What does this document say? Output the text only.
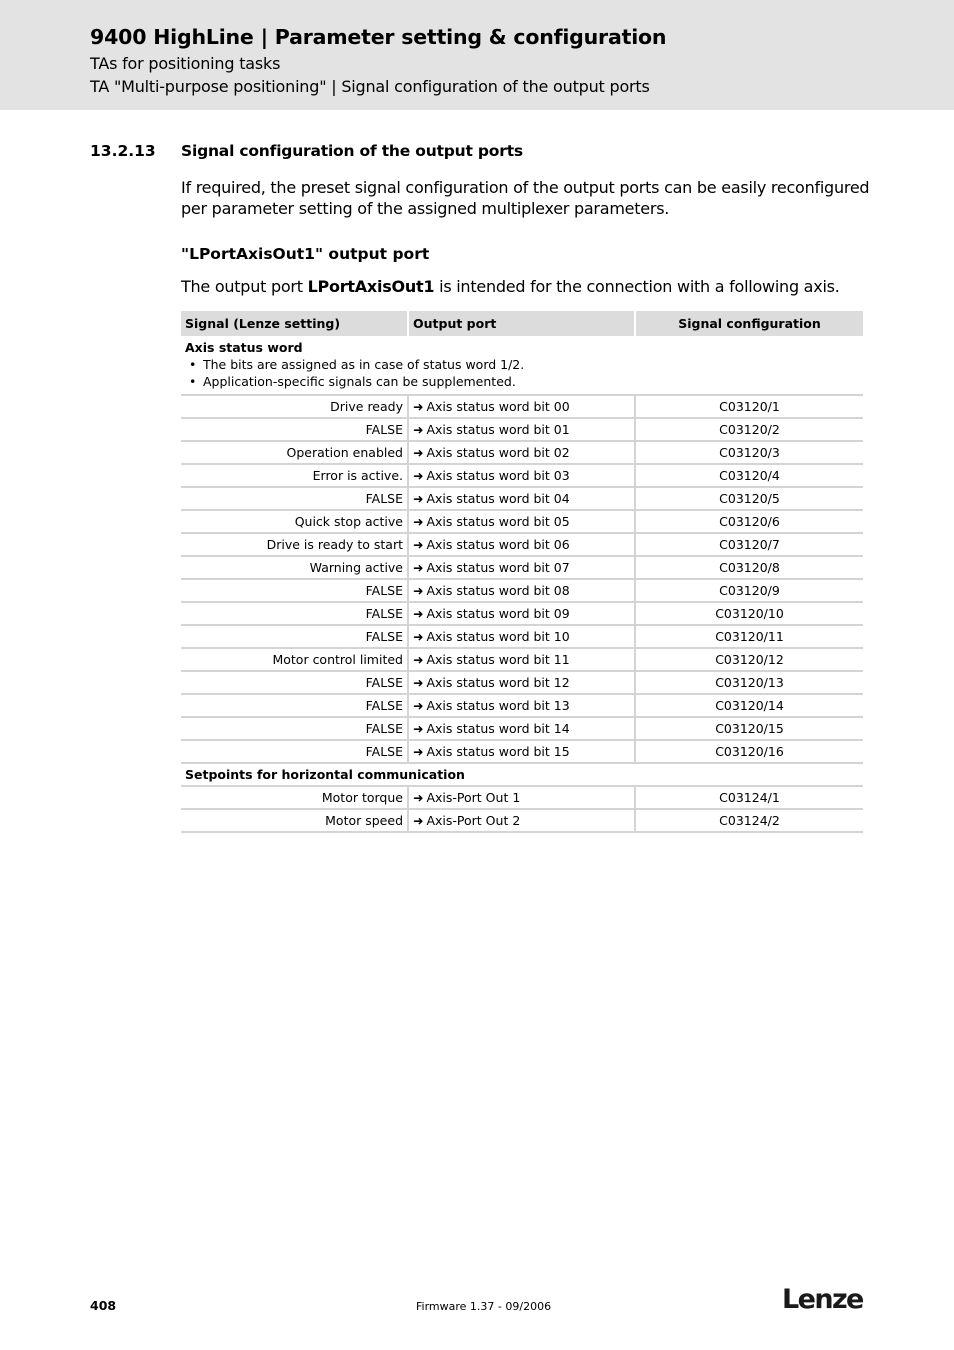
9400 HighLine | Parameter setting & configuration
TAs for positioning tasks
TA "Multi-purpose positioning" | Signal configuration of the output ports
13.2.13 Signal configuration of the output ports
If required, the preset signal configuration of the output ports can be easily reconfigured per parameter setting of the assigned multiplexer parameters.
"LPortAxisOut1" output port
The output port LPortAxisOut1 is intended for the connection with a following axis.
Signal (Lenze setting)	Output port	Signal configuration

Axis status word
• The bits are assigned as in case of status word 1/2.
• Application-specific signals can be supplemented.		

Drive ready	➜ Axis status word bit 00	C03120/1
FALSE	➜ Axis status word bit 01	C03120/2
Operation enabled	➜ Axis status word bit 02	C03120/3
Error is active.	➜ Axis status word bit 03	C03120/4
FALSE	➜ Axis status word bit 04	C03120/5
Quick stop active	➜ Axis status word bit 05	C03120/6
Drive is ready to start	➜ Axis status word bit 06	C03120/7
Warning active	➜ Axis status word bit 07	C03120/8
FALSE	➜ Axis status word bit 08	C03120/9
FALSE	➜ Axis status word bit 09	C03120/10
FALSE	➜ Axis status word bit 10	C03120/11
Motor control limited	➜ Axis status word bit 11	C03120/12
FALSE	➜ Axis status word bit 12	C03120/13
FALSE	➜ Axis status word bit 13	C03120/14
FALSE	➜ Axis status word bit 14	C03120/15
FALSE	➜ Axis status word bit 15	C03120/16
Setpoints for horizontal communication		
Motor torque	➜ Axis-Port Out 1	C03124/1
Motor speed	➜ Axis-Port Out 2	C03124/2
408	Firmware 1.37 - 09/2006	Lenze
